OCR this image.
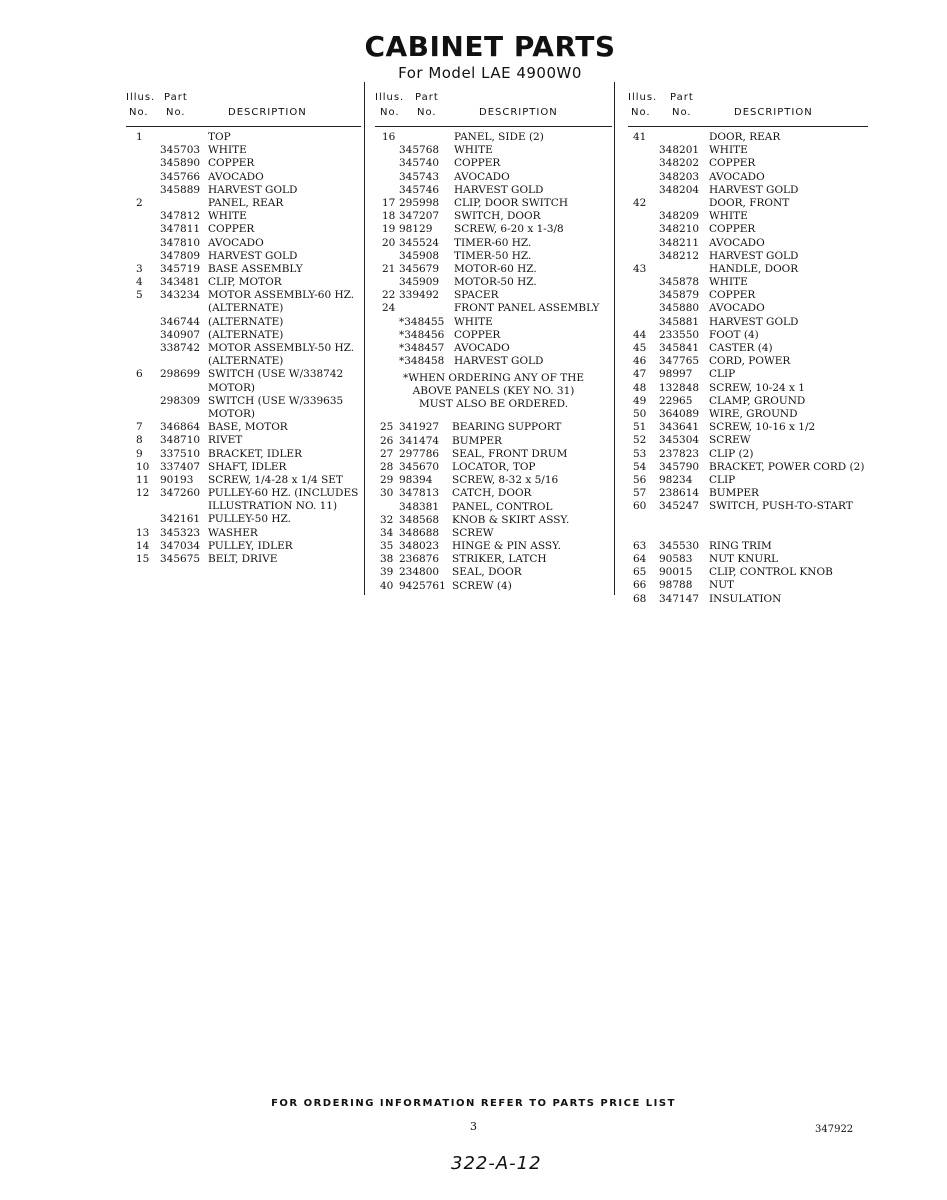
CABINET PARTS
For Model LAE 4900W0
Illus. Part
No. No.	DESCRIPTION
1	TOP
345703 WHITE
345890 COPPER
345766 AVOCADO
345889 HARVEST GOLD
2	PANEL, REAR
347812 WHITE
347811 COPPER
347810 AVOCADO
347809 HARVEST GOLD
3 345719 BASE ASSEMBLY
4 343481 CLIP, MOTOR
5 343234 MOTOR ASSEMBLY-60 HZ.
(ALTERNATE)
346744 (ALTERNATE)
340907 (ALTERNATE)
338742 MOTOR ASSEMBLY-50 HZ.
(ALTERNATE)
6 298699 SWITCH (USE W/338742
MOTOR)
298309 SWITCH (USE W/339635
MOTOR)
7 346864 BASE, MOTOR
8 348710 RIVET
9 337510 BRACKET, IDLER
10 337407 SHAFT, IDLER
11 90193 SCREW, 1/4-28 x 1/4 SET
12 347260 PULLEY-60 HZ. (INCLUDES
ILLUSTRATION NO. 11)
342161 PULLEY-50 HZ.
13 345323 WASHER
14 347034 PULLEY, IDLER
15 345675 BELT, DRIVE
Illus. Part
No. No.	DESCRIPTION
16	PANEL, SIDE (2)
345768 WHITE
345740 COPPER
345743 AVOCADO
345746 HARVEST GOLD
17 295998 CLIP, DOOR SWITCH
18 347207 SWITCH, DOOR
19 98129 SCREW, 6-20 x 1-3/8
20 345524 TIMER-60 HZ.
345908 TIMER-50 HZ.
21 345679 MOTOR-60 HZ.
345909 MOTOR-50 HZ.
22 339492 SPACER
24	FRONT PANEL ASSEMBLY
*348455 WHITE
*348456 COPPER
*348457 AVOCADO
*348458 HARVEST GOLD
*WHEN ORDERING ANY OF THE
ABOVE PANELS (KEY NO. 31)
MUST ALSO BE ORDERED.
25 341927 BEARING SUPPORT
26 341474 BUMPER
27 297786 SEAL, FRONT DRUM
28 345670 LOCATOR, TOP
29 98394 SCREW, 8-32 x 5/16
30 347813 CATCH, DOOR
348381 PANEL, CONTROL
32 348568 KNOB & SKIRT ASSY.
34 348688 SCREW
35 348023 HINGE & PIN ASSY.
38 236876 STRIKER, LATCH
39 234800 SEAL, DOOR
40 9425761 SCREW (4)
Illus. Part
No. No.	DESCRIPTION
41	DOOR, REAR
348201 WHITE
348202 COPPER
348203 AVOCADO
348204 HARVEST GOLD
42	DOOR, FRONT
348209 WHITE
348210 COPPER
348211 AVOCADO
348212 HARVEST GOLD
43	HANDLE, DOOR
345878 WHITE
345879 COPPER
345880 AVOCADO
345881 HARVEST GOLD
44 233550 FOOT (4)
45 345841 CASTER (4)
46 347765 CORD, POWER
47 98997 CLIP
48 132848 SCREW, 10-24 x 1
49 22965 CLAMP, GROUND
50 364089 WIRE, GROUND
51 343641 SCREW, 10-16 x 1/2
52 345304 SCREW
53 237823 CLIP (2)
54 345790 BRACKET, POWER CORD (2)
56 98234 CLIP
57 238614 BUMPER
60 345247 SWITCH, PUSH-TO-START
63 345530 RING TRIM
64 90583 NUT KNURL
65 90015 CLIP, CONTROL KNOB
66 98788 NUT
68 347147 INSULATION
FOR ORDERING INFORMATION REFER TO PARTS PRICE LIST
3	347922
322-A-12
